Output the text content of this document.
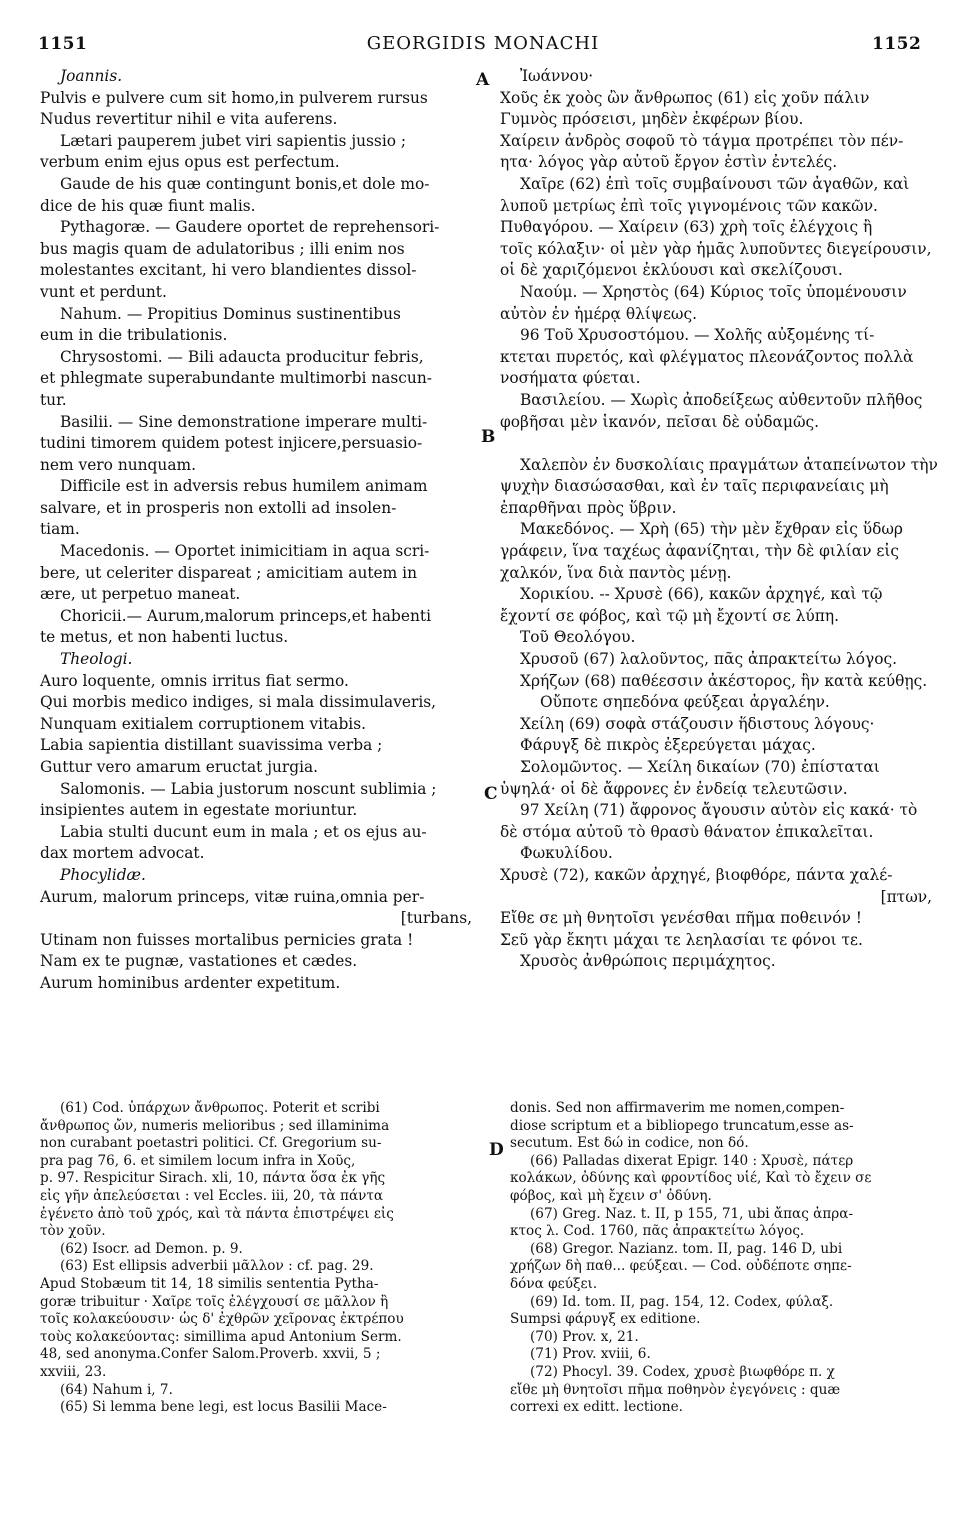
1151	GEORGIDIS MONACHI	1152
A
B
C
D
Joannis.
Pulvis e pulvere cum sit homo,in pulverem rursus
Nudus revertitur nihil e vita auferens.
Lætari pauperem jubet viri sapientis jussio ;
verbum enim ejus opus est perfectum.
Gaude de his quæ contingunt bonis,et dole mo-
dice de his quæ fiunt malis.
Pythagoræ. — Gaudere oportet de reprehensori-
bus magis quam de adulatoribus ; illi enim nos
molestantes excitant, hi vero blandientes dissol-
vunt et perdunt.
Nahum. — Propitius Dominus sustinentibus
eum in die tribulationis.
Chrysostomi. — Bili adaucta producitur febris,
et phlegmate superabundante multimorbi nascun-
tur.
Basilii. — Sine demonstratione imperare multi-
tudini timorem quidem potest injicere,persuasio-
nem vero nunquam.
Difficile est in adversis rebus humilem animam
salvare, et in prosperis non extolli ad insolen-
tiam.
Macedonis. — Oportet inimicitiam in aqua scri-
bere, ut celeriter dispareat ; amicitiam autem in
ære, ut perpetuo maneat.
Choricii.— Aurum,malorum princeps,et habenti
te metus, et non habenti luctus.
Theologi.
Auro loquente, omnis irritus fiat sermo.
Qui morbis medico indiges, si mala dissimulaveris,
Nunquam exitialem corruptionem vitabis.
Labia sapientia distillant suavissima verba ;
Guttur vero amarum eructat jurgia.
Salomonis. — Labia justorum noscunt sublimia ;
insipientes autem in egestate moriuntur.
Labia stulti ducunt eum in mala ; et os ejus au-
dax mortem advocat.
Phocylidæ.
Aurum, malorum princeps, vitæ ruina,omnia per-
[turbans,
Utinam non fuisses mortalibus pernicies grata !
Nam ex te pugnæ, vastationes et cædes.
Aurum hominibus ardenter expetitum.
Ἰωάννου·
Χοῦς ἐκ χοὸς ὢν ἄνθρωπος (61) εἰς χοῦν πάλιν
Γυμνὸς πρόσεισι, μηδὲν ἐκφέρων βίου.
Χαίρειν ἀνδρὸς σοφοῦ τὸ τάγμα προτρέπει τὸν πέν-
ητα· λόγος γὰρ αὐτοῦ ἔργον ἐστὶν ἐντελές.
Χαῖρε (62) ἐπὶ τοῖς συμβαίνουσι τῶν ἀγαθῶν, καὶ
λυποῦ μετρίως ἐπὶ τοῖς γιγνομένοις τῶν κακῶν.
Πυθαγόρου. — Χαίρειν (63) χρὴ τοῖς ἐλέγχοις ἢ
τοῖς κόλαξιν· οἱ μὲν γὰρ ἡμᾶς λυποῦντες διεγείρουσιν,
οἱ δὲ χαριζόμενοι ἐκλύουσι καὶ σκελίζουσι.
Ναούμ. — Χρηστὸς (64) Κύριος τοῖς ὑπομένουσιν
αὐτὸν ἐν ἡμέρᾳ θλίψεως.
96 Τοῦ Χρυσοστόμου. — Χολῆς αὐξομένης τί-
κτεται πυρετός, καὶ φλέγματος πλεονάζοντος πολλὰ
νοσήματα φύεται.
Βασιλείου. — Χωρὶς ἀποδείξεως αὐθεντοῦν πλῆθος
φοβῆσαι μὲν ἱκανόν, πεῖσαι δὲ οὐδαμῶς.
Χαλεπὸν ἐν δυσκολίαις πραγμάτων ἀταπείνωτον τὴν
ψυχὴν διασώσασθαι, καὶ ἐν ταῖς περιφανείαις μὴ
ἐπαρθῆναι πρὸς ὕβριν.
Μακεδόνος. — Χρὴ (65) τὴν μὲν ἔχθραν εἰς ὕδωρ
γράφειν, ἵνα ταχέως ἀφανίζηται, τὴν δὲ φιλίαν εἰς
χαλκόν, ἵνα διὰ παντὸς μένῃ.
Χορικίου. -- Χρυσὲ (66), κακῶν ἀρχηγέ, καὶ τῷ
ἔχοντί σε φόβος, καὶ τῷ μὴ ἔχοντί σε λύπη.
Τοῦ Θεολόγου.
Χρυσοῦ (67) λαλοῦντος, πᾶς ἀπρακτείτω λόγος.
Χρήζων (68) παθέεσσιν ἀκέστορος, ἣν κατὰ κεύθῃς.
Οὔποτε σηπεδόνα φεύξεαι ἀργαλέην.
Χείλη (69) σοφὰ στάζουσιν ἥδιστους λόγους·
Φάρυγξ δὲ πικρὸς ἐξερεύγεται μάχας.
Σολομῶντος. — Χείλη δικαίων (70) ἐπίσταται
ὑψηλά· οἱ δὲ ἄφρονες ἐν ἐνδείᾳ τελευτῶσιν.
97 Χείλη (71) ἄφρονος ἄγουσιν αὐτὸν εἰς κακά· τὸ
δὲ στόμα αὐτοῦ τὸ θρασὺ θάνατον ἐπικαλεῖται.
Φωκυλίδου.
Χρυσὲ (72), κακῶν ἀρχηγέ, βιοφθόρε, πάντα χαλέ-
[πτων,
Εἴθε σε μὴ θνητοῖσι γενέσθαι πῆμα ποθεινόν !
Σεῦ γὰρ ἔκητι μάχαι τε λεηλασίαι τε φόνοι τε.
Χρυσὸς ἀνθρώποις περιμάχητος.
(61) Cod. ὑπάρχων ἄνθρωπος. Poterit et scribi
ἄνθρωπος ὤν, numeris melioribus ; sed illaminima
non curabant poetastri politici. Cf. Gregorium su-
pra pag 76, 6. et similem locum infra in Χοῦς,
p. 97. Respicitur Sirach. xli, 10, πάντα ὅσα ἐκ γῆς
εἰς γῆν ἀπελεύσεται : vel Eccles. iii, 20, τὰ πάντα
ἐγένετο ἀπὸ τοῦ χρός, καὶ τὰ πάντα ἐπιστρέψει εἰς
τὸν χοῦν.
(62) Isocr. ad Demon. p. 9.
(63) Est ellipsis adverbii μᾶλλον : cf. pag. 29.
Apud Stobæum tit 14, 18 similis sententia Pytha-
goræ tribuitur · Χαῖρε τοῖς ἐλέγχουσί σε μᾶλλον ἢ
τοῖς κολακεύουσιν· ὡς δ' ἐχθρῶν χεῖρονας ἐκτρέπου
τοὺς κολακεύοντας: simillima apud Antonium Serm.
48, sed anonyma.Confer Salom.Proverb. xxvii, 5 ;
xxviii, 23.
(64) Nahum i, 7.
(65) Si lemma bene legi, est locus Basilii Mace-
donis. Sed non affirmaverim me nomen,compen-
diose scriptum et a bibliopego truncatum,esse as-
secutum. Est δώ in codice, non δό.
(66) Palladas dixerat Epigr. 140 : Χρυσὲ, πάτερ
κολάκων, ὀδύνης καὶ φροντίδος υἱέ, Καὶ τὸ ἔχειν σε
φόβος, καὶ μὴ ἔχειν σ' ὀδύνη.
(67) Greg. Naz. t. II, p 155, 71, ubi ἄπας ἀπρα-
κτος λ. Cod. 1760, πᾶς ἀπρακτείτω λόγος.
(68) Gregor. Nazianz. tom. II, pag. 146 D, ubi
χρήζων δὴ παθ... φεύξεαι. — Cod. οὐδέποτε σηπε-
δόνα φεύξει.
(69) Id. tom. II, pag. 154, 12. Codex, φύλαξ.
Sumpsi φάρυγξ ex editione.
(70) Prov. x, 21.
(71) Prov. xviii, 6.
(72) Phocyl. 39. Codex, χρυσὲ βιωφθόρε π. χ
εἴθε μὴ θνητοῖσι πῆμα ποθηνὸν ἐγεγόνεις : quæ
correxi ex editt. lectione.
